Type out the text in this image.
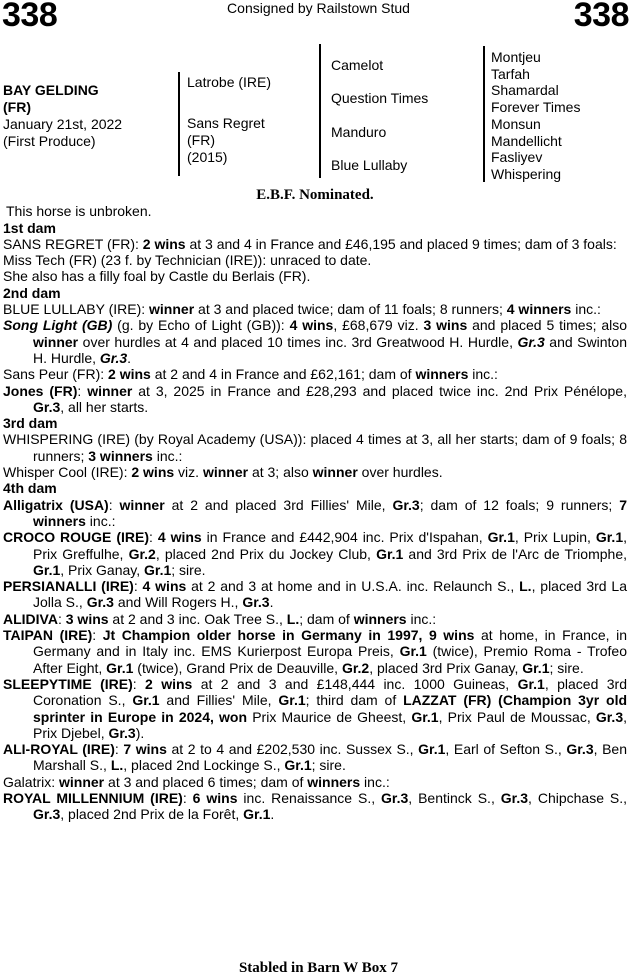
338	Consigned by Railstown Stud	338
BAY GELDING
(FR)
January 21st, 2022
(First Produce)
Latrobe (IRE)
Sans Regret
(FR)
(2015)
Camelot
Question Times
Manduro
Blue Lullaby
Montjeu
Tarfah
Shamardal
Forever Times
Monsun
Mandellicht
Fasliyev
Whispering

E.B.F. Nominated.

This horse is unbroken.

1st dam

SANS REGRET (FR): 2 wins at 3 and 4 in France and £46,195 and placed 9 times; dam of 3 foals:

Miss Tech (FR) (23 f. by Technician (IRE)): unraced to date.

She also has a filly foal by Castle du Berlais (FR).

2nd dam

BLUE LULLABY (IRE): winner at 3 and placed twice; dam of 11 foals; 8 runners; 4 winners inc.:

Song Light (GB) (g. by Echo of Light (GB)): 4 wins, £68,679 viz. 3 wins and placed 5 times; also winner over hurdles at 4 and placed 10 times inc. 3rd Greatwood H. Hurdle, Gr.3 and Swinton H. Hurdle, Gr.3.

Sans Peur (FR): 2 wins at 2 and 4 in France and £62,161; dam of winners inc.:

Jones (FR): winner at 3, 2025 in France and £28,293 and placed twice inc. 2nd Prix Pénélope, Gr.3, all her starts.

3rd dam

WHISPERING (IRE) (by Royal Academy (USA)): placed 4 times at 3, all her starts; dam of 9 foals; 8 runners; 3 winners inc.:

Whisper Cool (IRE): 2 wins viz. winner at 3; also winner over hurdles.

4th dam

Alligatrix (USA): winner at 2 and placed 3rd Fillies' Mile, Gr.3; dam of 12 foals; 9 runners; 7 winners inc.:

CROCO ROUGE (IRE): 4 wins in France and £442,904 inc. Prix d'Ispahan, Gr.1, Prix Lupin, Gr.1, Prix Greffulhe, Gr.2, placed 2nd Prix du Jockey Club, Gr.1 and 3rd Prix de l'Arc de Triomphe, Gr.1, Prix Ganay, Gr.1; sire.

PERSIANALLI (IRE): 4 wins at 2 and 3 at home and in U.S.A. inc. Relaunch S., L., placed 3rd La Jolla S., Gr.3 and Will Rogers H., Gr.3.

ALIDIVA: 3 wins at 2 and 3 inc. Oak Tree S., L.; dam of winners inc.:

TAIPAN (IRE): Jt Champion older horse in Germany in 1997, 9 wins at home, in France, in Germany and in Italy inc. EMS Kurierpost Europa Preis, Gr.1 (twice), Premio Roma - Trofeo After Eight, Gr.1 (twice), Grand Prix de Deauville, Gr.2, placed 3rd Prix Ganay, Gr.1; sire.

SLEEPYTIME (IRE): 2 wins at 2 and 3 and £148,444 inc. 1000 Guineas, Gr.1, placed 3rd Coronation S., Gr.1 and Fillies' Mile, Gr.1; third dam of LAZZAT (FR) (Champion 3yr old sprinter in Europe in 2024, won Prix Maurice de Gheest, Gr.1, Prix Paul de Moussac, Gr.3, Prix Djebel, Gr.3).

ALI-ROYAL (IRE): 7 wins at 2 to 4 and £202,530 inc. Sussex S., Gr.1, Earl of Sefton S., Gr.3, Ben Marshall S., L., placed 2nd Lockinge S., Gr.1; sire.

Galatrix: winner at 3 and placed 6 times; dam of winners inc.:

ROYAL MILLENNIUM (IRE): 6 wins inc. Renaissance S., Gr.3, Bentinck S., Gr.3, Chipchase S., Gr.3, placed 2nd Prix de la Forêt, Gr.1.

Stabled in Barn W Box 7
